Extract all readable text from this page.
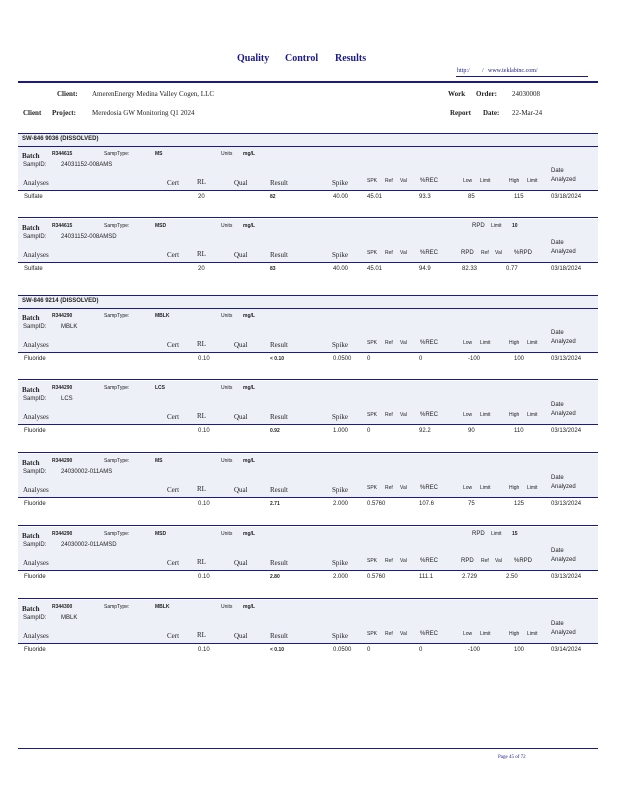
Quality Control Results
http:/ / www.teklabinc.com/
Client: AmerenEnergy Medina Valley Cogen, LLC
Client Project: Meredosia GW Monitoring Q1 2024
Work Order: 24030008
Report Date: 22-Mar-24
SW-846 9036 (DISSOLVED)
Batch	R344615	SampType:	MS	Units mg/L
SampID: 24031152-008AMS
Date
Analyses	Cert	RL	Qual	Result	Spike	SPK Ref Val %REC	Low Limit	High Limit Analyzed
Sulfate	20	82	40.00	45.01	93.3	85	115	03/18/2024
Batch	R344615	SampType:	MSD	Units mg/L	RPD Limit 10
SampID: 24031152-008AMSD
Date
Analyses	Cert	RL	Qual	Result	Spike	SPK Ref Val %REC	RPD Ref Val %RPD	Analyzed
Sulfate	20	83	40.00	45.01	94.9	82.33	0.77	03/18/2024
SW-846 9214 (DISSOLVED)
Batch	R344290	SampType:	MBLK	Units mg/L
SampID: MBLK
Date
Analyses	Cert	RL	Qual	Result	Spike	SPK Ref Val %REC	Low Limit	High Limit Analyzed
Fluoride	0.10	< 0.10	0.0500	0	0	-100	100	03/13/2024
Batch	R344290	SampType:	LCS	Units mg/L
SampID: LCS
Date
Analyses	Cert	RL	Qual	Result	Spike	SPK Ref Val %REC	Low Limit	High Limit Analyzed
Fluoride	0.10	0.92	1.000	0	92.2	90	110	03/13/2024
Batch	R344290	SampType:	MS	Units mg/L
SampID: 24030002-011AMS
Date
Analyses	Cert	RL	Qual	Result	Spike	SPK Ref Val %REC	Low Limit	High Limit Analyzed
Fluoride	0.10	2.71	2.000	0.5760	107.6	75	125	03/13/2024
Batch	R344290	SampType:	MSD	Units mg/L	RPD Limit 15
SampID: 24030002-011AMSD
Date
Analyses	Cert	RL	Qual	Result	Spike	SPK Ref Val %REC	RPD Ref Val %RPD	Analyzed
Fluoride	0.10	2.80	2.000	0.5760	111.1	2.729	2.50	03/13/2024
Batch	R344300	SampType:	MBLK	Units mg/L
SampID: MBLK
Date
Analyses	Cert	RL	Qual	Result	Spike	SPK Ref Val %REC	Low Limit	High Limit Analyzed
Fluoride	0.10	< 0.10	0.0500	0	0	-100	100	03/14/2024
Page 45 of 72
